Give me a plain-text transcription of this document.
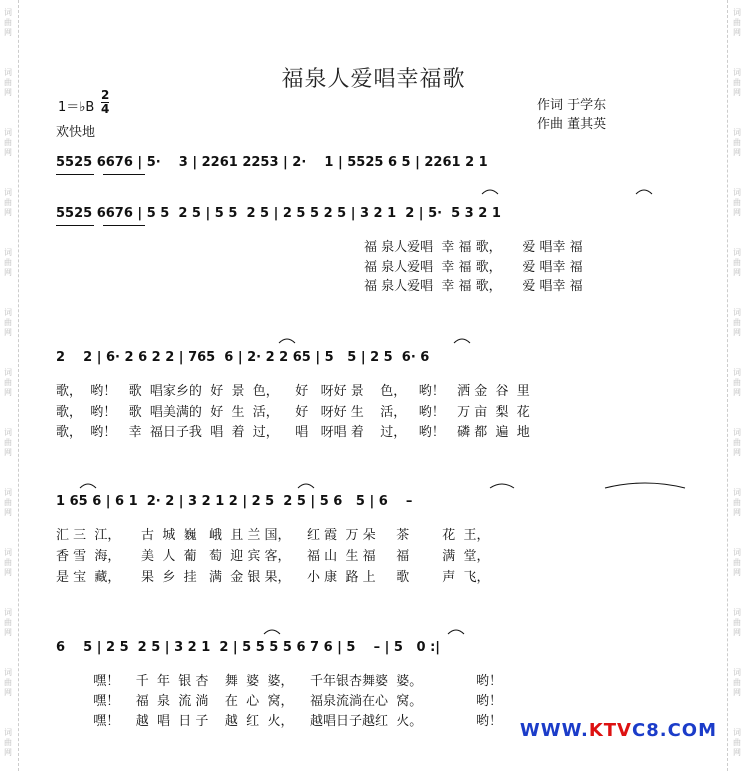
词
曲
网
词
曲
网
词
曲
网
词
曲
网
词
曲
网
词
曲
网
词
曲
网
词
曲
网
词
曲
网
词
曲
网
词
曲
网
词
曲
网
词
曲
网
词
曲
网
词
曲
网
词
曲
网
词
曲
网
词
曲
网
词
曲
网
词
曲
网
词
曲
网
词
曲
网
词
曲
网
词
曲
网
词
曲
网
词
曲
网
福泉人爱唱幸福歌
1＝♭B
2
4
欢快地
作词 于学东
作曲 董其英
5525 6676 | 5·    3 | 2261 2253 | 2·    1 | 5525 6 5 | 2261 2 1
5525 6676 | 5 5  2 5 | 5 5  2 5 | 2 5 5 2 5 | 3 2 1  2 | 5·  5 3 2 1
福 泉人爱唱  幸 福 歌，     爱 唱幸 福
福 泉人爱唱  幸 福 歌，     爱 唱幸 福
福 泉人爱唱  幸 福 歌，     爱 唱幸 福
2    2 | 6· 2 6 2 2 | 765  6 | 2· 2 2 65 | 5   5 | 2 5  6· 6
歌，  哟！   歌  唱家乡的  好  景  色，    好   呀好 景    色，   哟！   洒 金  谷  里
歌，  哟！   歌  唱美满的  好  生  活，    好   呀好 生    活，   哟！   万 亩  梨  花
歌，  哟！   幸  福日子我  唱  着  过，    唱   呀唱 着    过，   哟！   磷 都  遍  地
1 65 6 | 6 1  2· 2 | 3 2 1 2 | 2 5  2 5 | 5 6   5 | 6    –
汇 三  江，     古  城  巍   峨  且 兰 国，    红 霞  万 朵     茶        花  王，
香 雪  海，     美  人  葡   萄  迎 宾 客，    福 山  生 福     福        满  堂，
是 宝  藏，     果  乡  挂   满  金 银 果，    小 康  路 上     歌        声  飞，
6    5 | 2 5  2 5 | 3 2 1  2 | 5 5 5 5 6 7 6 | 5    – | 5   0 :|
嘿！    千  年  银 杏    舞  婆  婆，    千年银杏舞婆  婆。             哟！
嘿！    福  泉  流 淌    在  心  窝，    福泉流淌在心  窝。             哟！
嘿！    越  唱  日 子    越  红  火，    越唱日子越红  火。             哟！ WWW.KTVC8.COM
